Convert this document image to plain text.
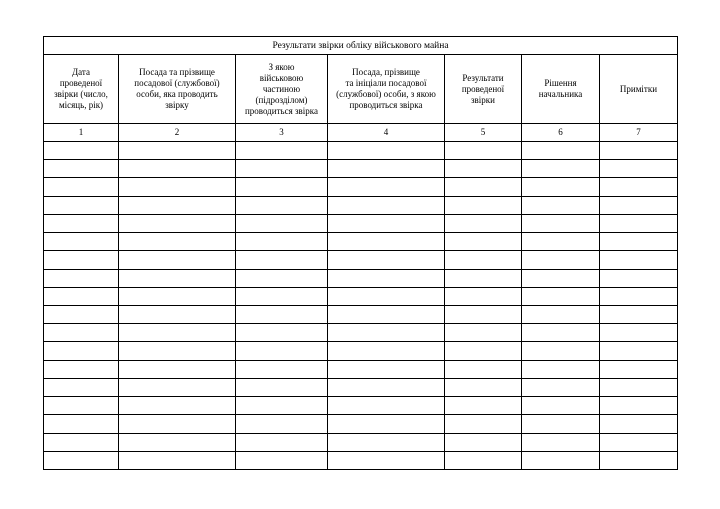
Результати звірки обліку військового майна						
Дата
проведеної
звірки (число,
місяць, рік)	Посада та прізвище
посадової (службової)
особи, яка проводить
звірку	З якою
військовою
частиною
(підрозділом)
проводиться звірка	Посада, прізвище
та ініціали посадової
(службової) особи, з якою
проводиться звірка	Результати
проведеної
звірки	Рішення
начальника	Примітки
1	2	3	4	5	6	7
